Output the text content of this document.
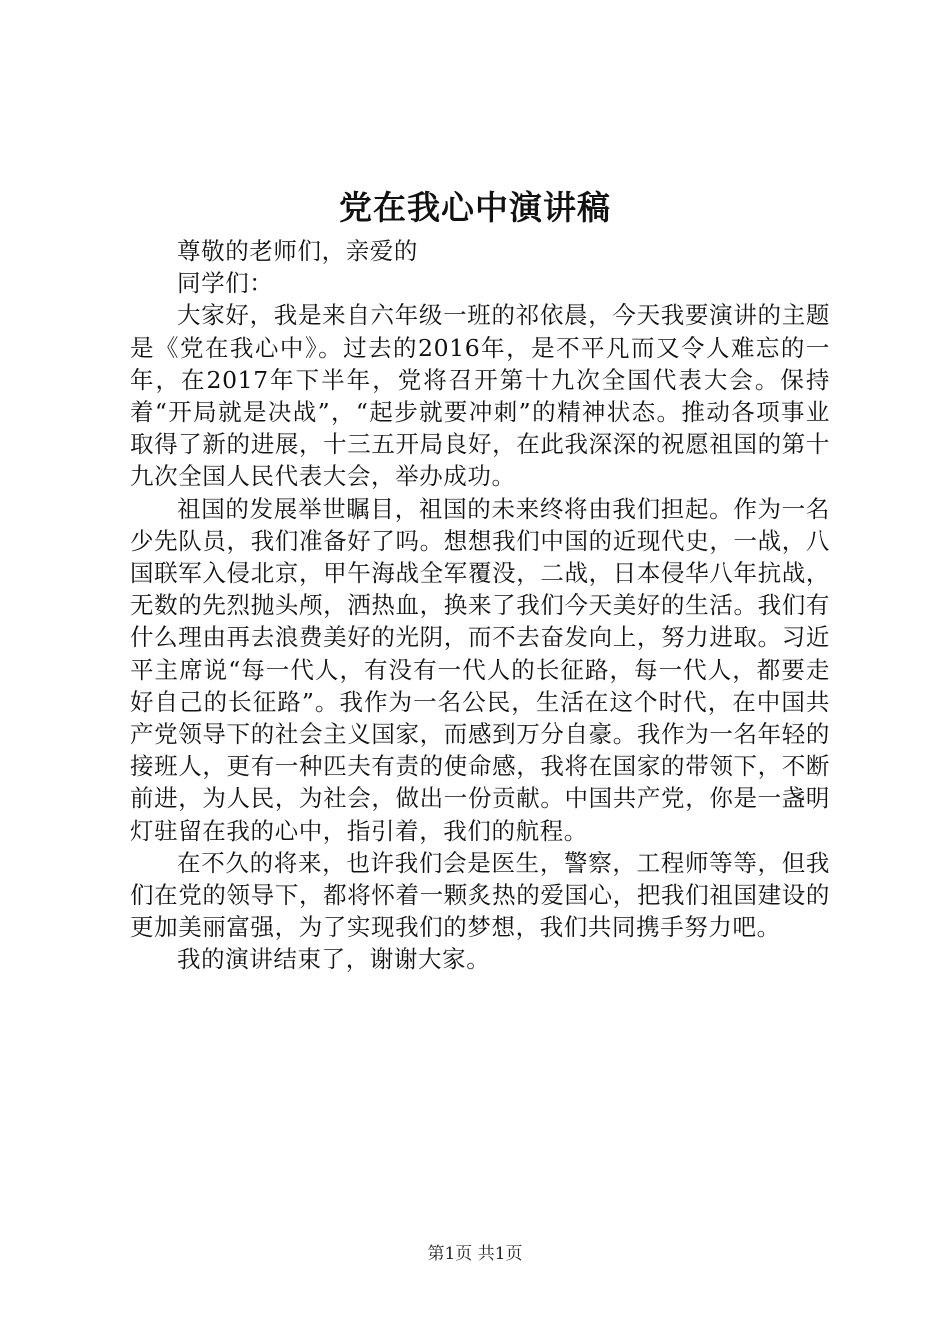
党在我心中演讲稿

尊敬的老师们，亲爱的

同学们：

大家好，我是来自六年级一班的祁依晨，今天我要演讲的主题是《党在我心中》。过去的2016年，是不平凡而又令人难忘的一年，在2017年下半年，党将召开第十九次全国代表大会。保持着“开局就是决战”，“起步就要冲刺”的精神状态。推动各项事业取得了新的进展，十三五开局良好，在此我深深的祝愿祖国的第十九次全国人民代表大会，举办成功。

祖国的发展举世瞩目，祖国的未来终将由我们担起。作为一名少先队员，我们准备好了吗。想想我们中国的近现代史，一战，八国联军入侵北京，甲午海战全军覆没，二战，日本侵华八年抗战，无数的先烈抛头颅，洒热血，换来了我们今天美好的生活。我们有什么理由再去浪费美好的光阴，而不去奋发向上，努力进取。习近平主席说“每一代人，有没有一代人的长征路，每一代人，都要走好自己的长征路”。我作为一名公民，生活在这个时代，在中国共产党领导下的社会主义国家，而感到万分自豪。我作为一名年轻的接班人，更有一种匹夫有责的使命感，我将在国家的带领下，不断前进，为人民，为社会，做出一份贡献。中国共产党，你是一盏明灯驻留在我的心中，指引着，我们的航程。

在不久的将来，也许我们会是医生，警察，工程师等等，但我们在党的领导下，都将怀着一颗炙热的爱国心，把我们祖国建设的更加美丽富强，为了实现我们的梦想，我们共同携手努力吧。

我的演讲结束了，谢谢大家。

第1页 共1页
